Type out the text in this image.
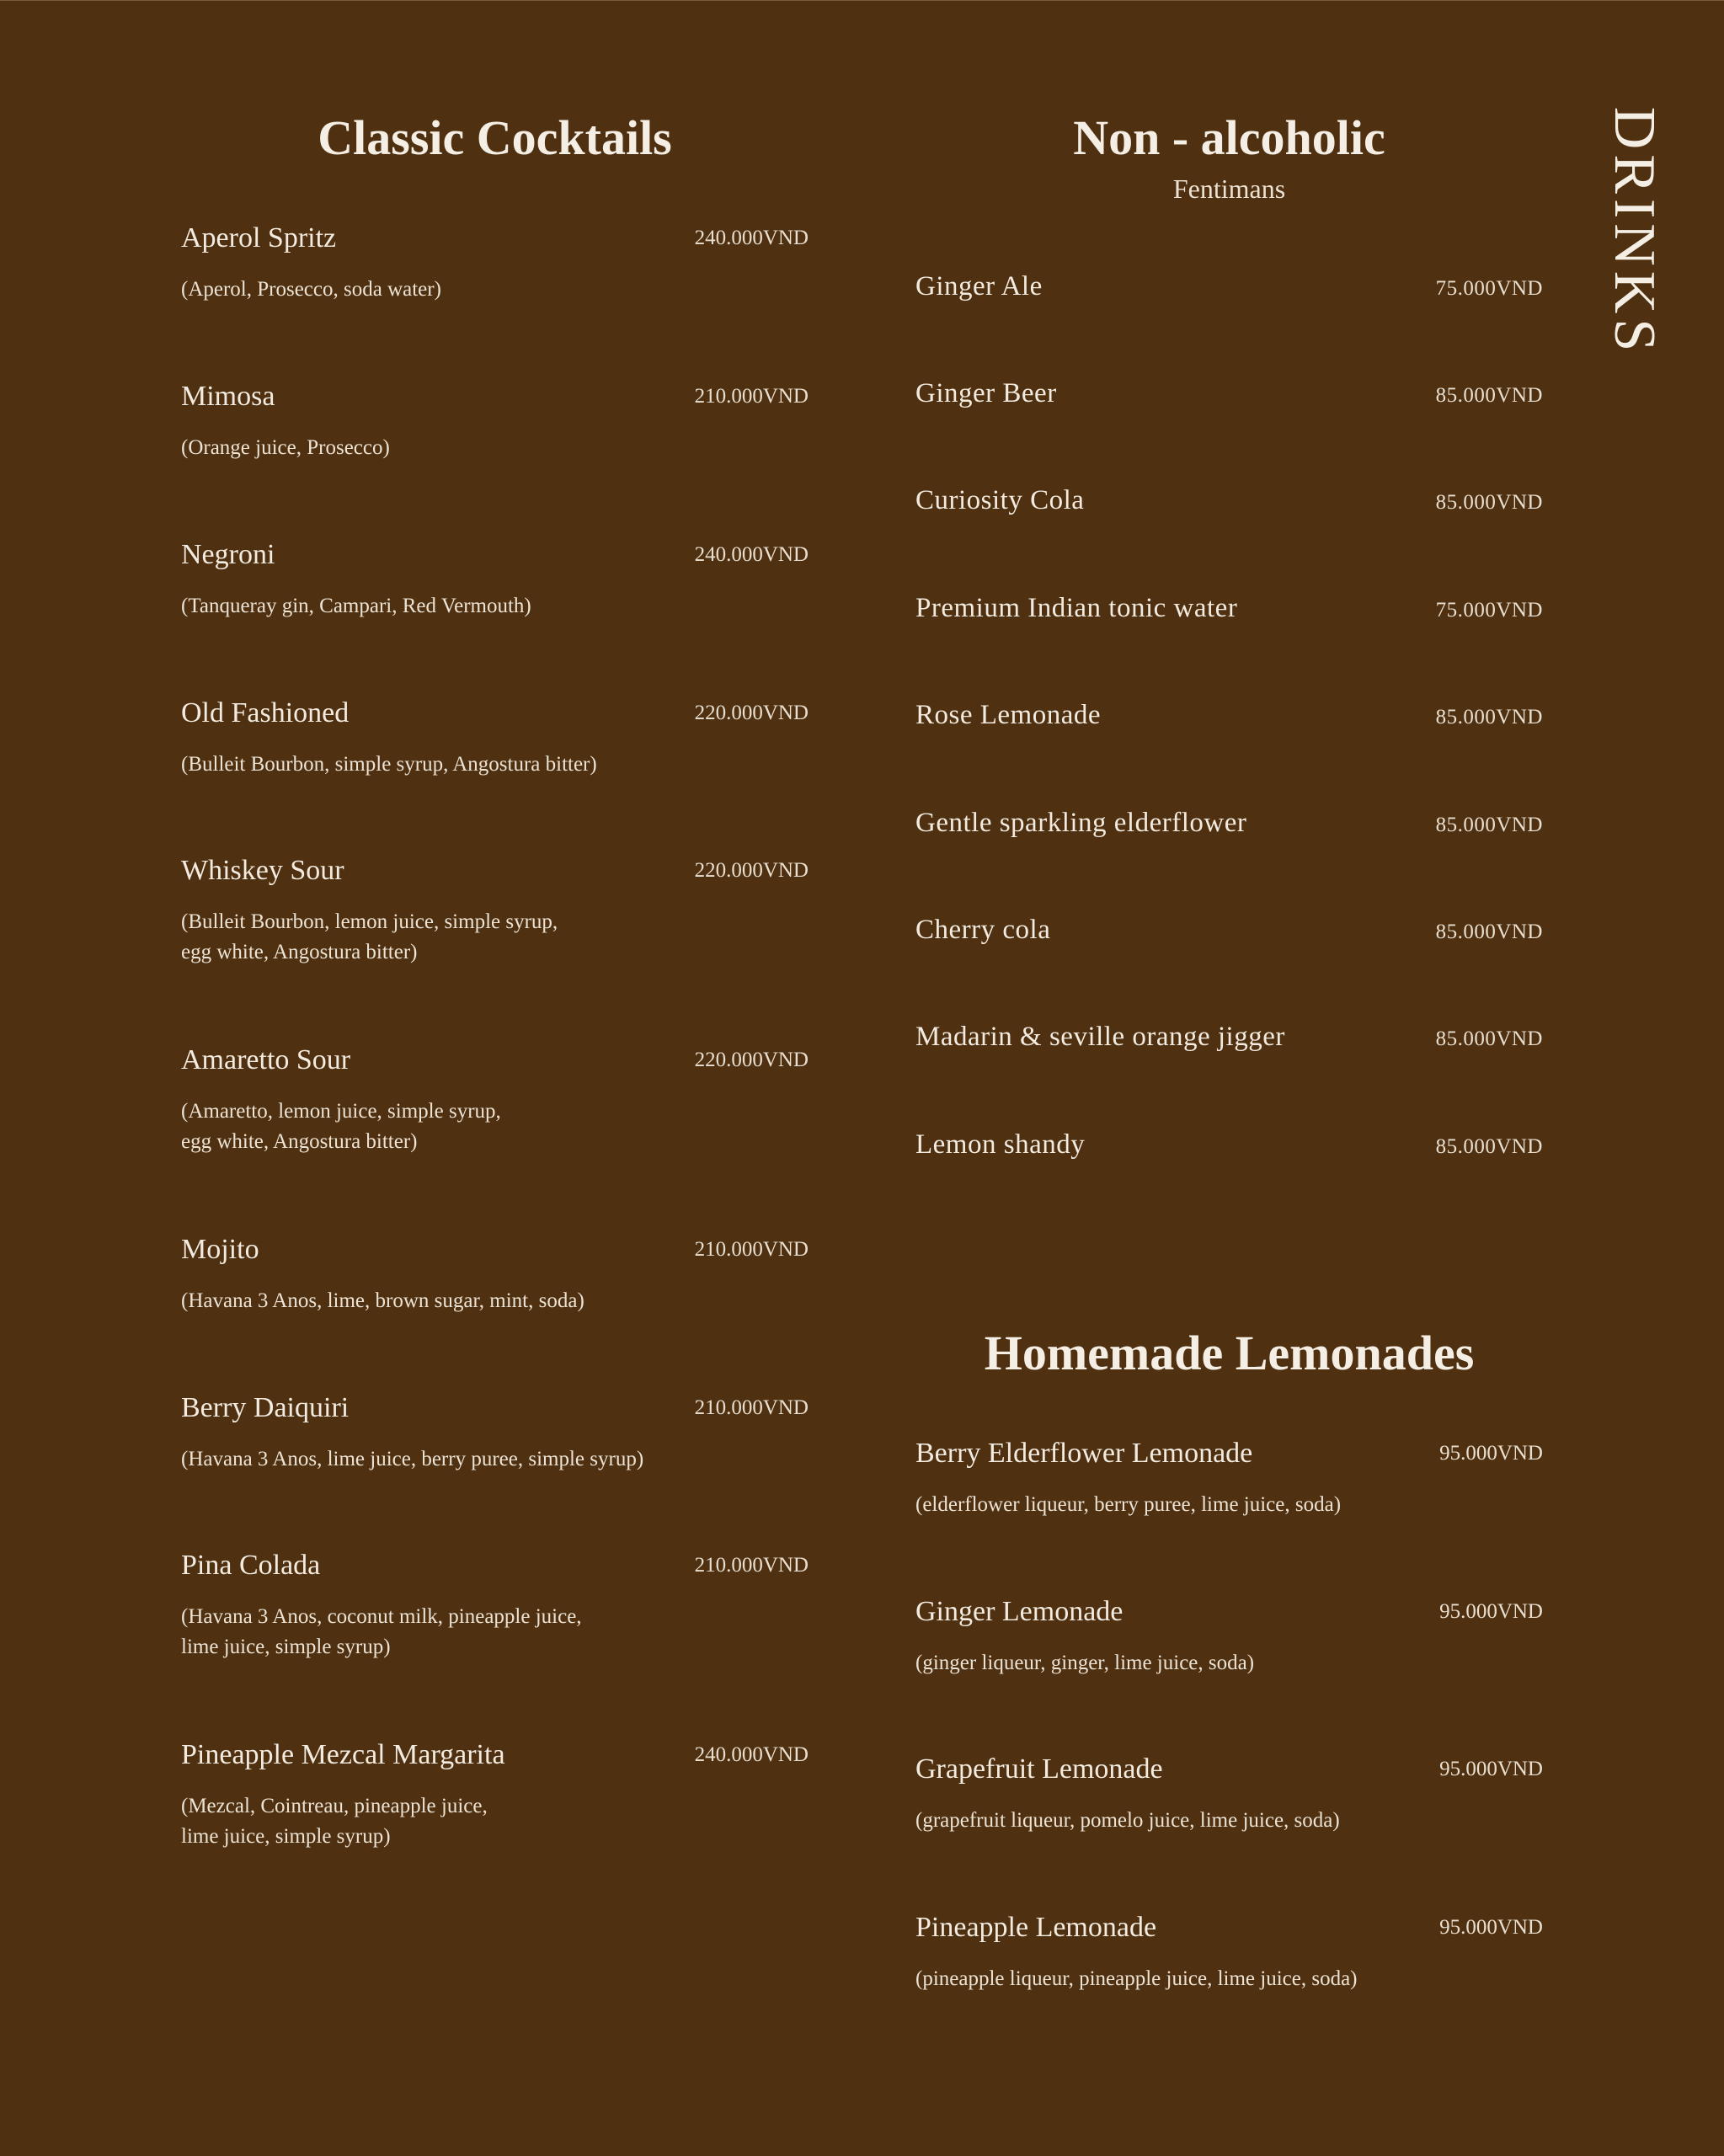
Classic Cocktails
Aperol Spritz	240.000VND
(Aperol, Prosecco, soda water)
Mimosa	210.000VND
(Orange juice, Prosecco)
Negroni	240.000VND
(Tanqueray gin, Campari, Red Vermouth)
Old Fashioned	220.000VND
(Bulleit Bourbon, simple syrup, Angostura bitter)
Whiskey Sour	220.000VND
(Bulleit Bourbon, lemon juice, simple syrup,
egg white, Angostura bitter)
Amaretto Sour	220.000VND
(Amaretto, lemon juice, simple syrup,
egg white, Angostura bitter)
Mojito	210.000VND
(Havana 3 Anos, lime, brown sugar, mint, soda)
Berry Daiquiri	210.000VND
(Havana 3 Anos, lime juice, berry puree, simple syrup)
Pina Colada	210.000VND
(Havana 3 Anos, coconut milk, pineapple juice,
lime juice, simple syrup)
Pineapple Mezcal Margarita	240.000VND
(Mezcal, Cointreau, pineapple juice,
lime juice, simple syrup)
Non - alcoholic
Fentimans
Ginger Ale	75.000VND
Ginger Beer	85.000VND
Curiosity Cola	85.000VND
Premium Indian tonic water	75.000VND
Rose Lemonade	85.000VND
Gentle sparkling elderflower	85.000VND
Cherry cola	85.000VND
Madarin & seville orange jigger	85.000VND
Lemon shandy	85.000VND
Homemade Lemonades
Berry Elderflower Lemonade	95.000VND
(elderflower liqueur, berry puree, lime juice, soda)
Ginger Lemonade	95.000VND
(ginger liqueur, ginger, lime juice, soda)
Grapefruit Lemonade	95.000VND
(grapefruit liqueur, pomelo juice, lime juice, soda)
Pineapple Lemonade	95.000VND
(pineapple liqueur, pineapple juice, lime juice, soda)
DRINKS
